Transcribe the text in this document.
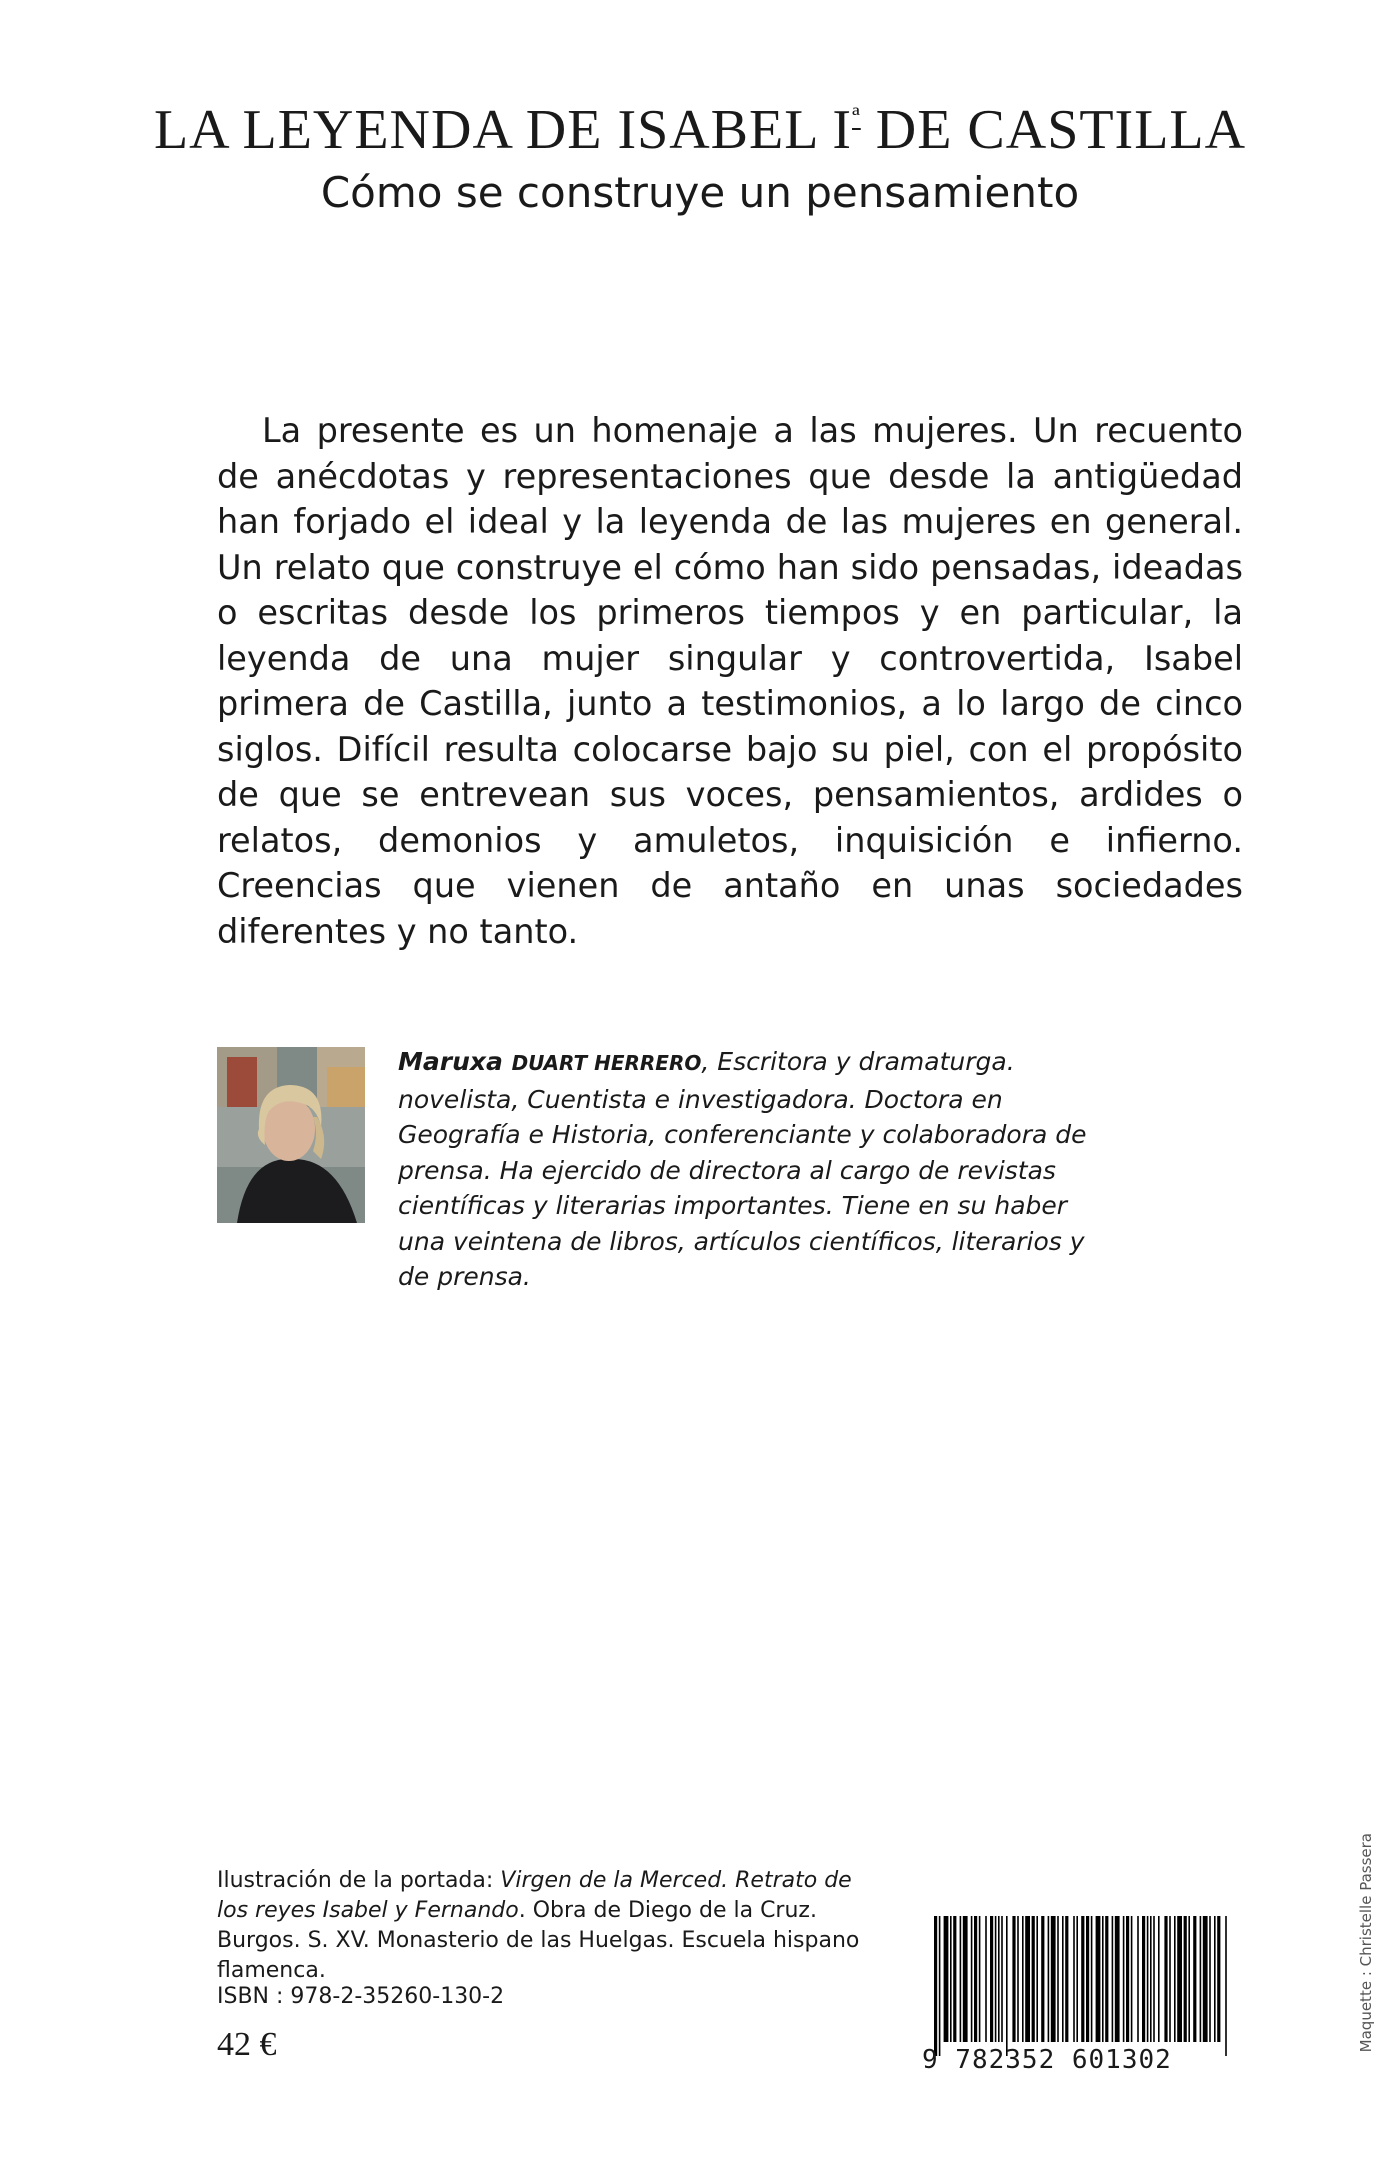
LA LEYENDA DE ISABEL $I^ª$ DE CASTILLA
Cómo se construye un pensamiento

La presente es un homenaje a las mujeres. Un recuento de anécdotas y representaciones que desde la antigüedad han forjado el ideal y la leyenda de las mujeres en general. Un relato que construye el cómo han sido pensadas, ideadas o escritas desde los primeros tiempos y en particular, la leyenda de una mujer singular y controvertida, Isabel primera de Castilla, junto a testimonios, a lo largo de cinco siglos. Difícil resulta colocarse bajo su piel, con el propósito de que se entrevean sus voces, pensamientos, ardides o relatos, demonios y amuletos, inquisición e infierno. Creencias que vienen de antaño en unas sociedades diferentes y no tanto.

Maruxa DUART HERRERO, Escritora y dramaturga. novelista, Cuentista e investigadora. Doctora en Geografía e Historia, conferenciante y colaboradora de prensa. Ha ejercido de directora al cargo de revistas científicas y literarias importantes. Tiene en su haber una veintena de libros, artículos científicos, literarios y de prensa.

Ilustración de la portada: Virgen de la Merced. Retrato de los reyes Isabel y Fernando. Obra de Diego de la Cruz. Burgos. S. XV. Monasterio de las Huelgas. Escuela hispano flamenca.

ISBN : 978-2-35260-130-2

42 €	9 782352 601302

Maquette : Christelle Passera
